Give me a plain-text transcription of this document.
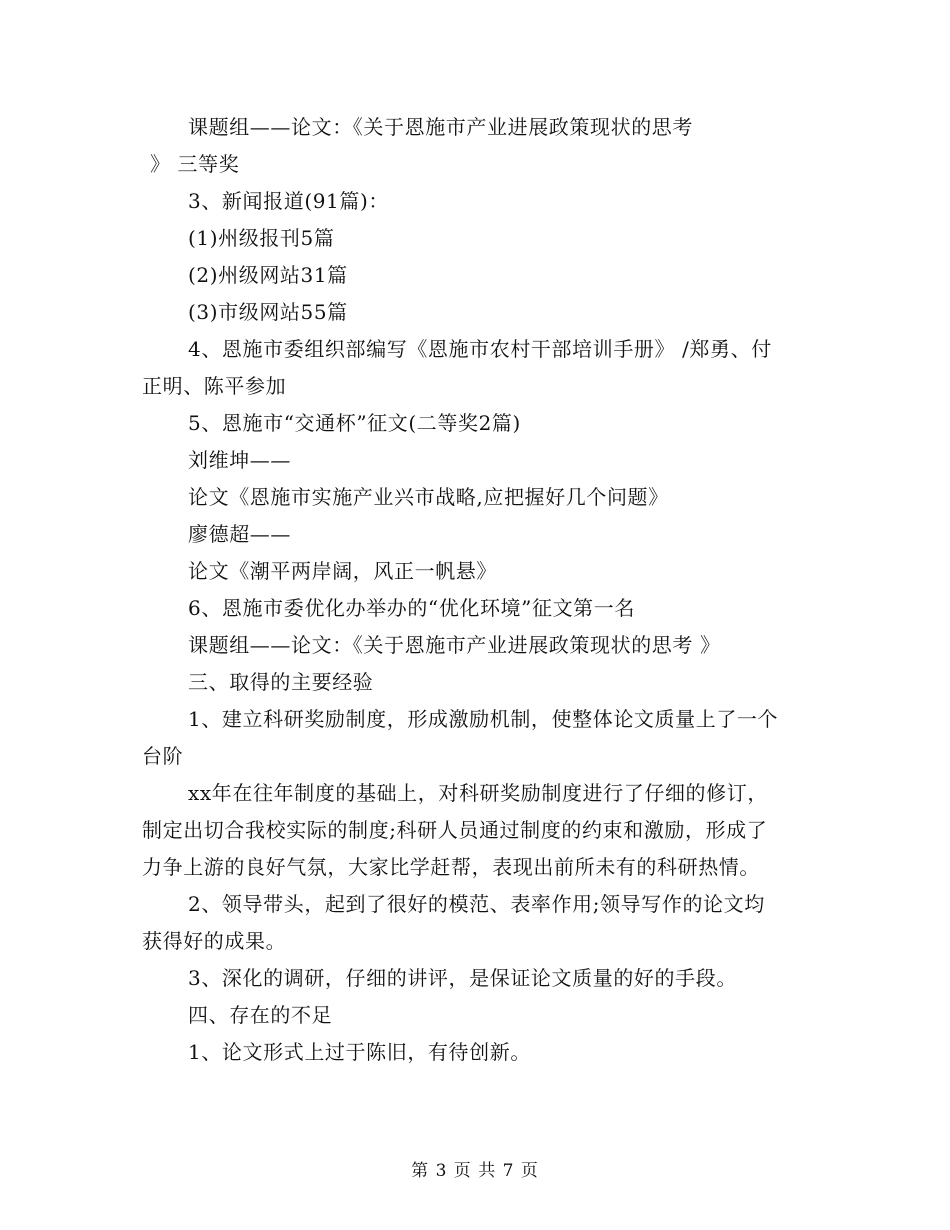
课题组——论文：《关于恩施市产业进展政策现状的思考
》 三等奖
3、新闻报道(91篇)：
(1)州级报刊5篇
(2)州级网站31篇
(3)市级网站55篇
4、恩施市委组织部编写《恩施市农村干部培训手册》 /郑勇、付
正明、陈平参加
5、恩施市“交通杯”征文(二等奖2篇)
刘维坤——
论文《恩施市实施产业兴市战略,应把握好几个问题》
廖德超——
论文《潮平两岸阔，风正一帆悬》
6、恩施市委优化办举办的“优化环境”征文第一名
课题组——论文：《关于恩施市产业进展政策现状的思考 》
三、取得的主要经验
1、建立科研奖励制度，形成激励机制，使整体论文质量上了一个
台阶
xx年在往年制度的基础上，对科研奖励制度进行了仔细的修订，
制定出切合我校实际的制度;科研人员通过制度的约束和激励，形成了
力争上游的良好气氛，大家比学赶帮，表现出前所未有的科研热情。
2、领导带头，起到了很好的模范、表率作用;领导写作的论文均
获得好的成果。
3、深化的调研，仔细的讲评，是保证论文质量的好的手段。
四、存在的不足
1、论文形式上过于陈旧，有待创新。
第 3 页 共 7 页
